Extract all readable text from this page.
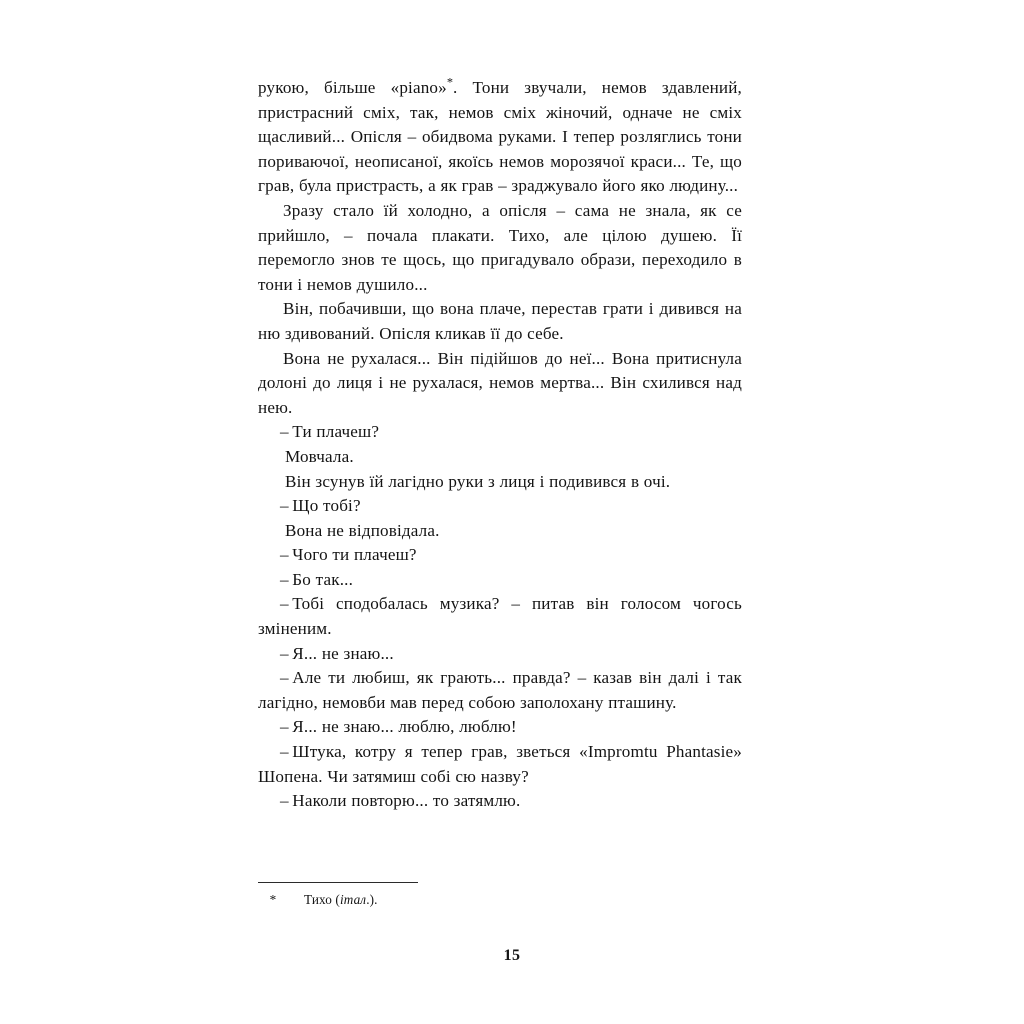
рукою, більше «piano»*. Тони звучали, немов здавлений, пристрасний сміх, так, немов сміх жіночий, одначе не сміх щасливий... Опісля – обидвома руками. І тепер розляглись тони пориваючої, неописаної, якоїсь немов морозячої краси... Те, що грав, була пристрасть, а як грав – зраджувало його яко людину...

Зразу стало їй холодно, а опісля – сама не знала, як се прийшло, – почала плакати. Тихо, але цілою душею. Її перемогло знов те щось, що пригадувало образи, переходило в тони і немов душило...

Він, побачивши, що вона плаче, перестав грати і дивився на ню здивований. Опісля кликав її до себе.

Вона не рухалася... Він підійшов до неї... Вона притиснула долоні до лиця і не рухалася, немов мертва... Він схилився над нею.

– Ти плачеш?

Мовчала.

Він зсунув їй лагідно руки з лиця і подивився в очі.

– Що тобі?

Вона не відповідала.

– Чого ти плачеш?

– Бо так...

– Тобі сподобалась музика? – питав він голосом чогось зміненим.

– Я... не знаю...

– Але ти любиш, як грають... правда? – казав він далі і так лагідно, немовби мав перед собою заполохану пташину.

– Я... не знаю... люблю, люблю!

– Штука, котру я тепер грав, зветься «Impromtu Phantasie» Шопена. Чи затямиш собі сю назву?

– Наколи повторю... то затямлю.

* Тихо (італ.).
15
